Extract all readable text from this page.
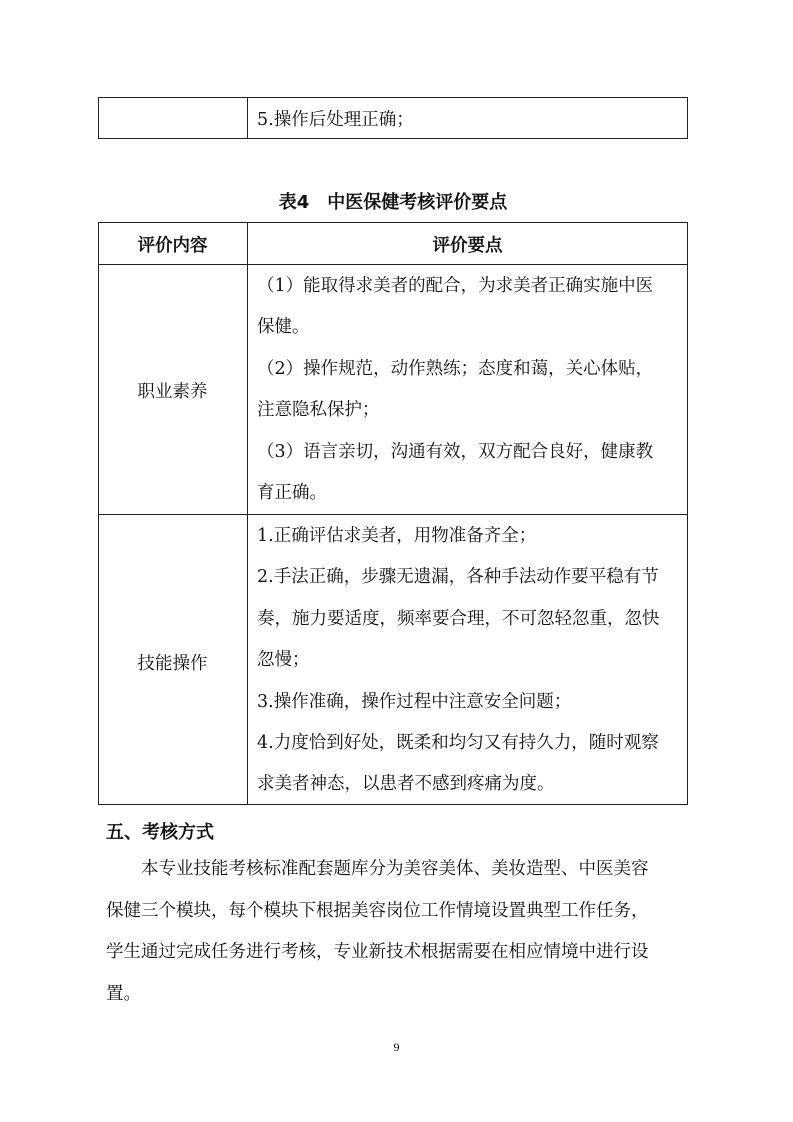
5.操作后处理正确；
表4　中医保健考核评价要点
评价内容	评价要点
职业素养
（1）能取得求美者的配合，为求美者正确实施中医
保健。
（2）操作规范，动作熟练；态度和蔼，关心体贴，
注意隐私保护；
（3）语言亲切，沟通有效，双方配合良好，健康教
育正确。
技能操作
1.正确评估求美者，用物准备齐全；
2.手法正确，步骤无遗漏，各种手法动作要平稳有节
奏，施力要适度，频率要合理，不可忽轻忽重，忽快
忽慢；
3.操作准确，操作过程中注意安全问题；
4.力度恰到好处，既柔和均匀又有持久力，随时观察
求美者神态，以患者不感到疼痛为度。
五、考核方式
本专业技能考核标准配套题库分为美容美体、美妆造型、中医美容
保健三个模块，每个模块下根据美容岗位工作情境设置典型工作任务，
学生通过完成任务进行考核，专业新技术根据需要在相应情境中进行设
置。
9
